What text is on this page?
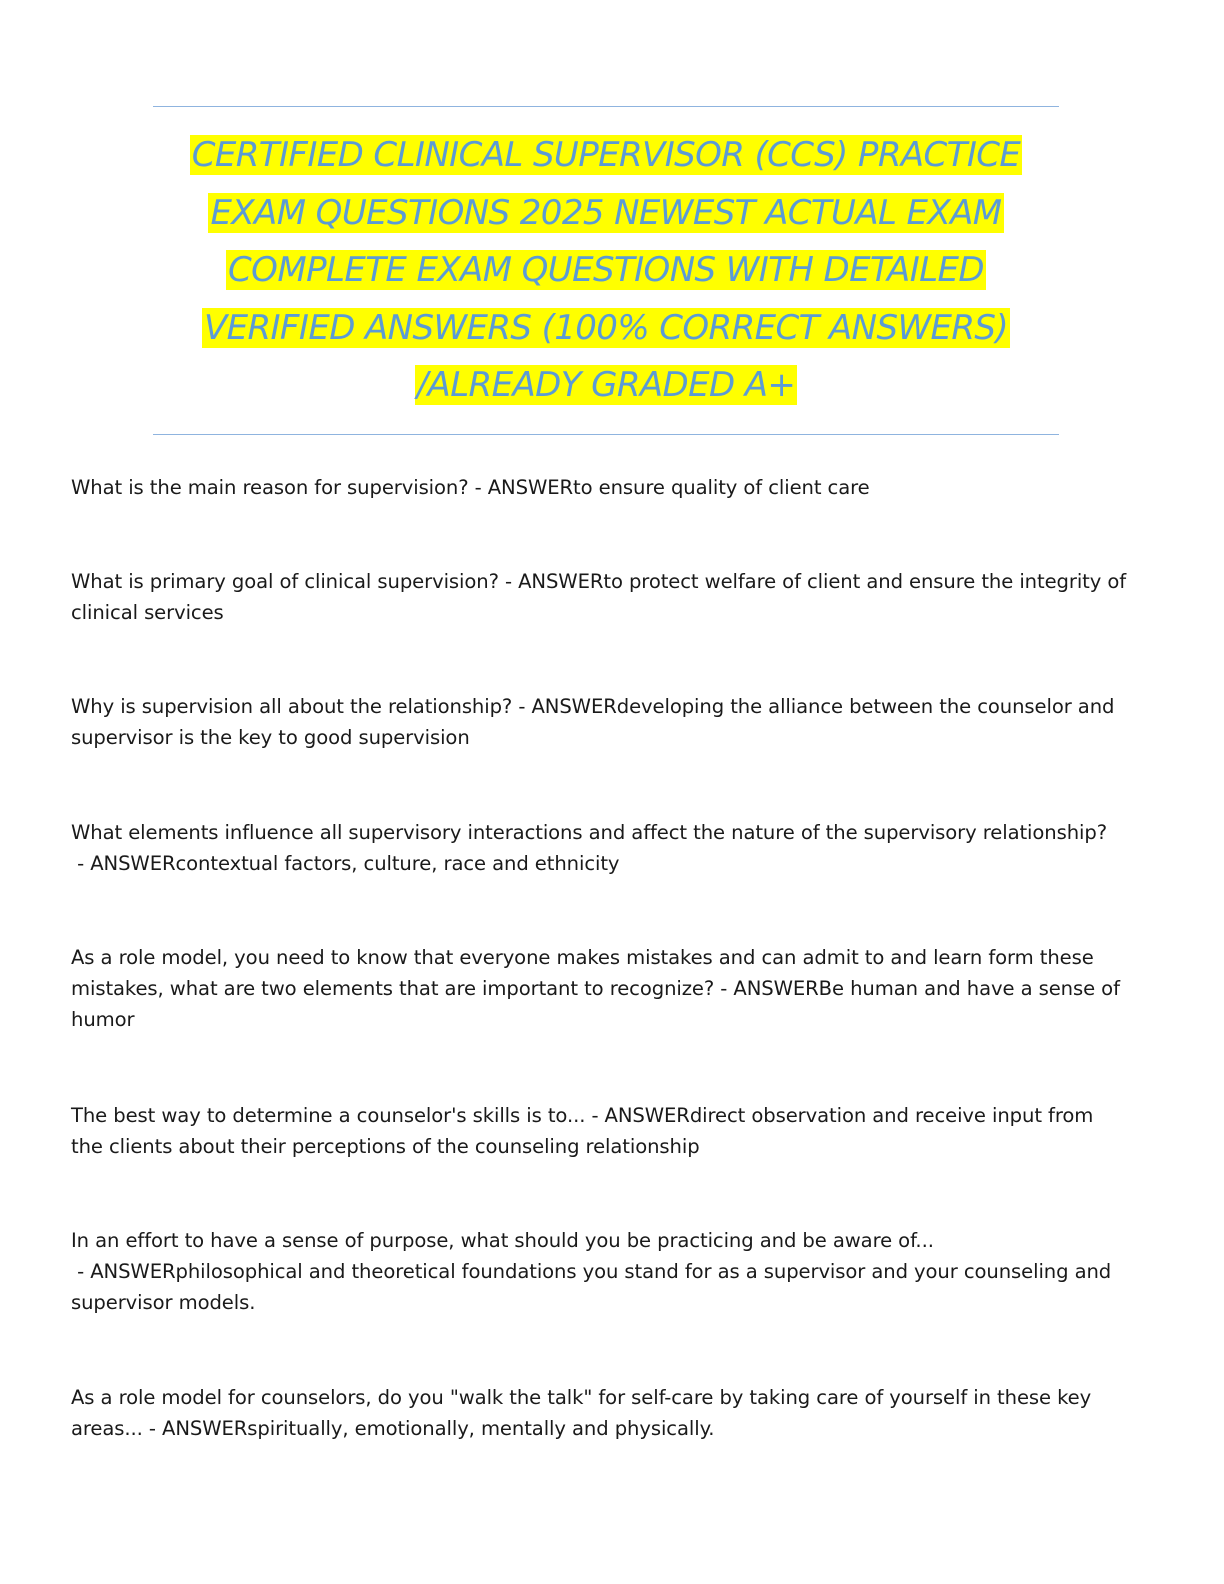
CERTIFIED CLINICAL SUPERVISOR (CCS) PRACTICE
EXAM QUESTIONS 2025 NEWEST ACTUAL EXAM
COMPLETE EXAM QUESTIONS WITH DETAILED
VERIFIED ANSWERS (100% CORRECT ANSWERS)
/ALREADY GRADED A+

What is the main reason for supervision? - ANSWERto ensure quality of client care

What is primary goal of clinical supervision? - ANSWERto protect welfare of client and ensure the integrity of clinical services

Why is supervision all about the relationship? - ANSWERdeveloping the alliance between the counselor and supervisor is the key to good supervision

What elements influence all supervisory interactions and affect the nature of the supervisory relationship? - ANSWERcontextual factors, culture, race and ethnicity

As a role model, you need to know that everyone makes mistakes and can admit to and learn form these mistakes, what are two elements that are important to recognize? - ANSWERBe human and have a sense of humor

The best way to determine a counselor's skills is to... - ANSWERdirect observation and receive input from the clients about their perceptions of the counseling relationship

In an effort to have a sense of purpose, what should you be practicing and be aware of... - ANSWERphilosophical and theoretical foundations you stand for as a supervisor and your counseling and supervisor models.

As a role model for counselors, do you "walk the talk" for self-care by taking care of yourself in these key areas... - ANSWERspiritually, emotionally, mentally and physically.
